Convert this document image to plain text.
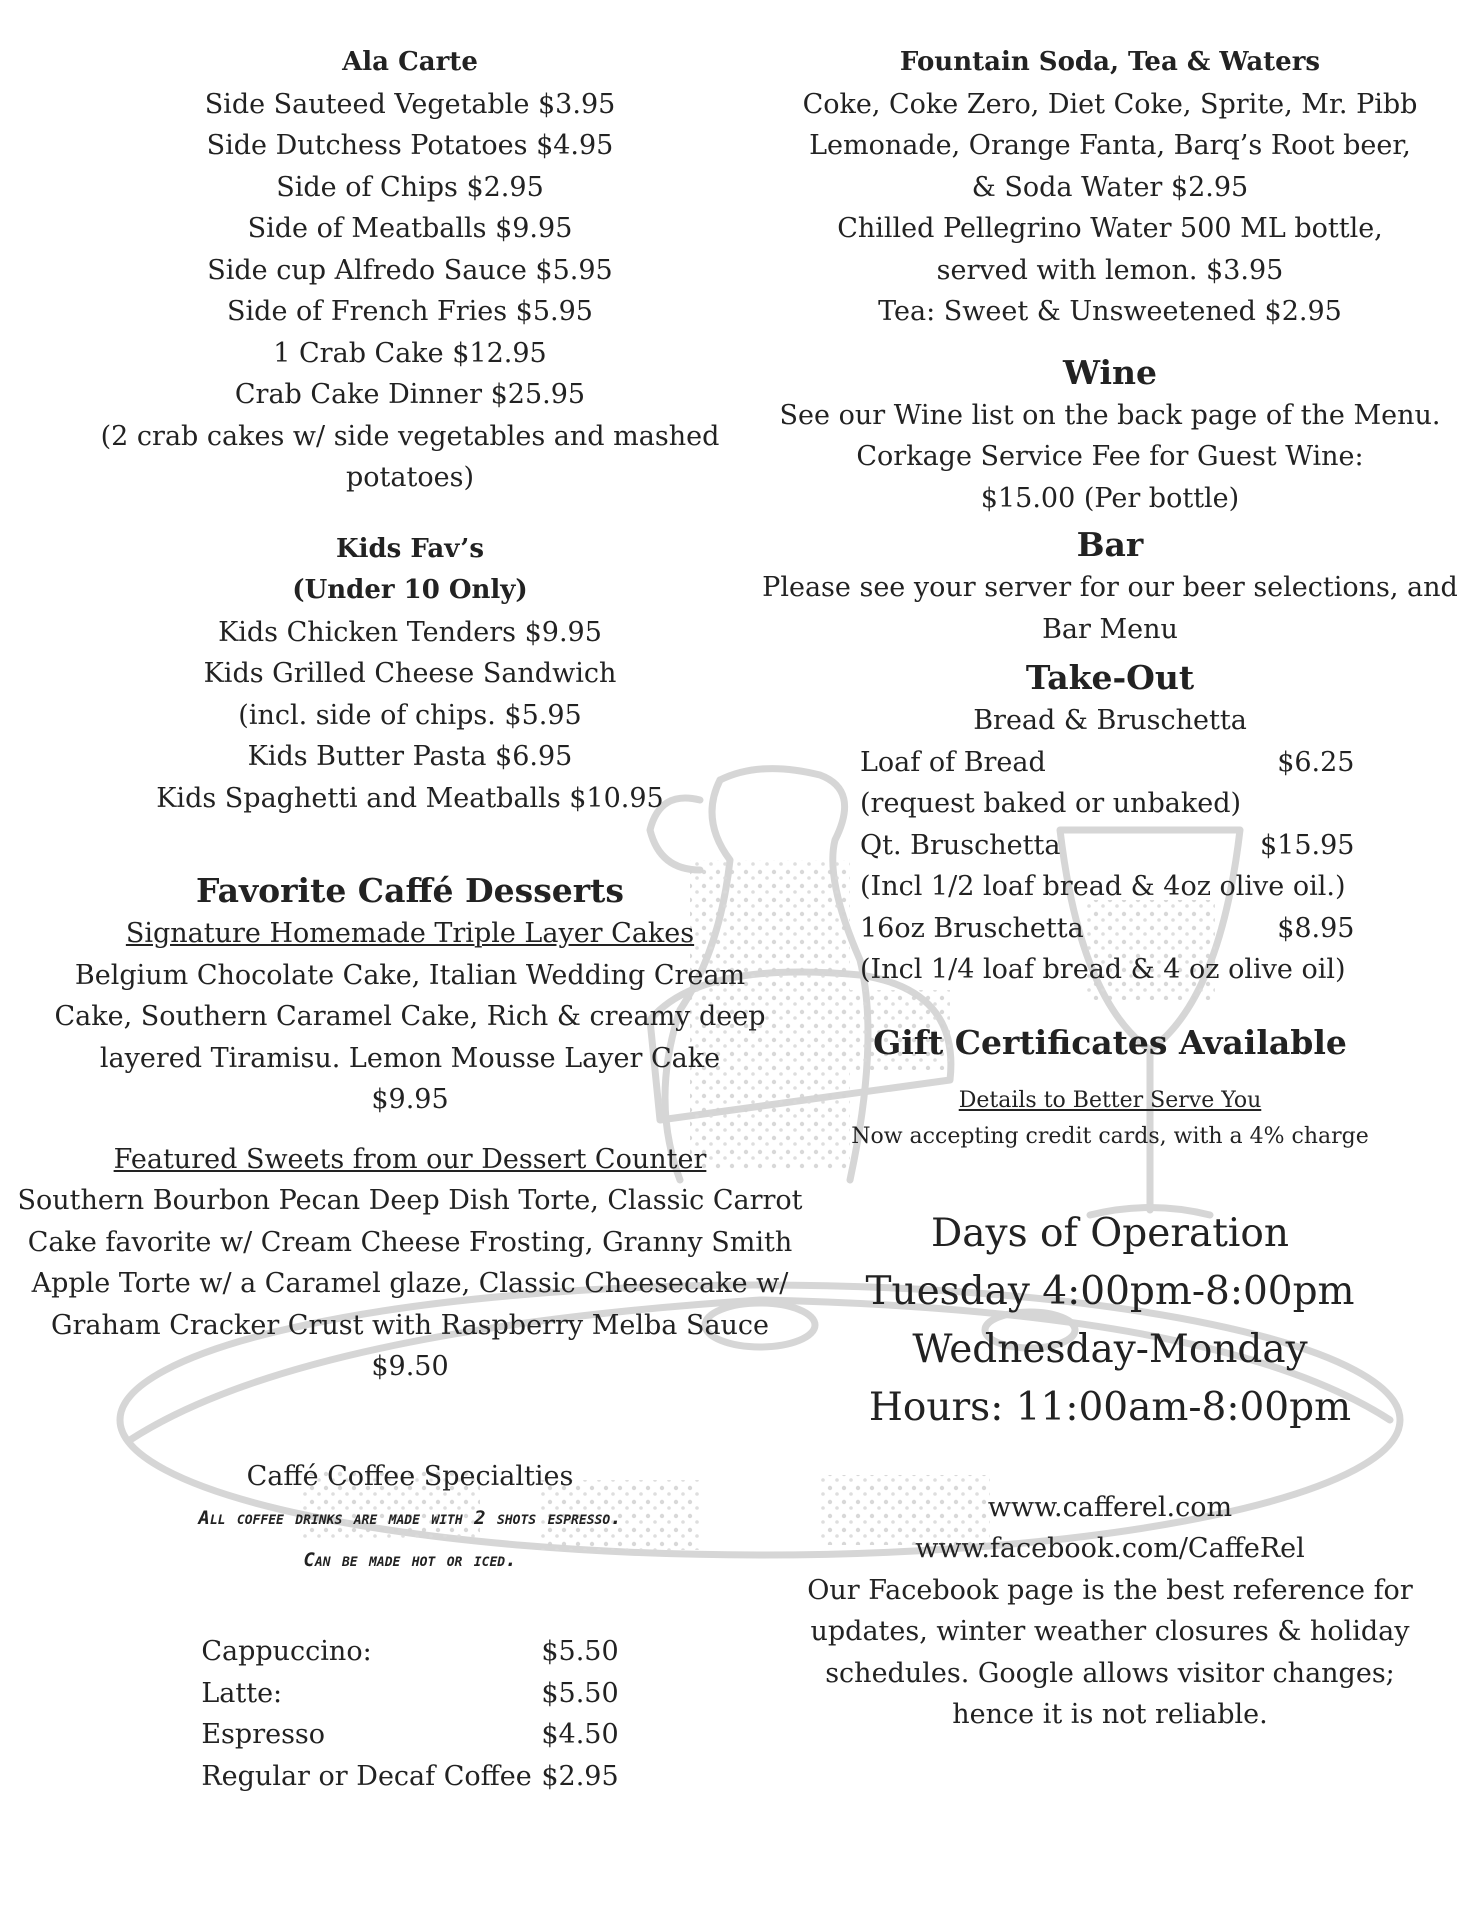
Ala Carte

Side Sauteed Vegetable $3.95

Side Dutchess Potatoes $4.95

Side of Chips $2.95

Side of Meatballs $9.95

Side cup Alfredo Sauce $5.95

Side of French Fries $5.95

1 Crab Cake $12.95

Crab Cake Dinner $25.95

(2 crab cakes w/ side vegetables and mashed

potatoes)

Kids Fav’s

(Under 10 Only)

Kids Chicken Tenders $9.95

Kids Grilled Cheese Sandwich

(incl. side of chips. $5.95

Kids Butter Pasta $6.95

Kids Spaghetti and Meatballs $10.95

Favorite Caffé Desserts

Signature Homemade Triple Layer Cakes

Belgium Chocolate Cake, Italian Wedding Cream

Cake, Southern Caramel Cake, Rich & creamy deep

layered Tiramisu. Lemon Mousse Layer Cake

$9.95

Featured Sweets from our Dessert Counter

Southern Bourbon Pecan Deep Dish Torte, Classic Carrot

Cake favorite w/ Cream Cheese Frosting, Granny Smith

Apple Torte w/ a Caramel glaze, Classic Cheesecake w/

Graham Cracker Crust with Raspberry Melba Sauce

$9.50

Caffé Coffee Specialties

All coffee drinks are made with 2 shots espresso.

Can be made hot or iced.

Cappuccino:	$5.50
Latte:	$5.50
Espresso	$4.50
Regular or Decaf Coffee	$2.95

Fountain Soda, Tea & Waters

Coke, Coke Zero, Diet Coke, Sprite, Mr. Pibb

Lemonade, Orange Fanta, Barq’s Root beer,

& Soda Water $2.95

Chilled Pellegrino Water 500 ML bottle,

served with lemon. $3.95

Tea: Sweet & Unsweetened $2.95

Wine

See our Wine list on the back page of the Menu.

Corkage Service Fee for Guest Wine:

$15.00 (Per bottle)

Bar

Please see your server for our beer selections, and

Bar Menu

Take-Out

Bread & Bruschetta

Loaf of Bread	$6.25
(request baked or unbaked)	
Qt. Bruschetta	$15.95
(Incl 1/2 loaf bread & 4oz olive oil.)	
16oz Bruschetta	$8.95
(Incl 1/4 loaf bread & 4 oz olive oil)	

Gift Certificates Available

Details to Better Serve You

Now accepting credit cards, with a 4% charge

Days of Operation

Tuesday 4:00pm-8:00pm

Wednesday-Monday

Hours: 11:00am-8:00pm

www.cafferel.com

www.facebook.com/CaffeRel

Our Facebook page is the best reference for

updates, winter weather closures & holiday

schedules. Google allows visitor changes;

hence it is not reliable.
